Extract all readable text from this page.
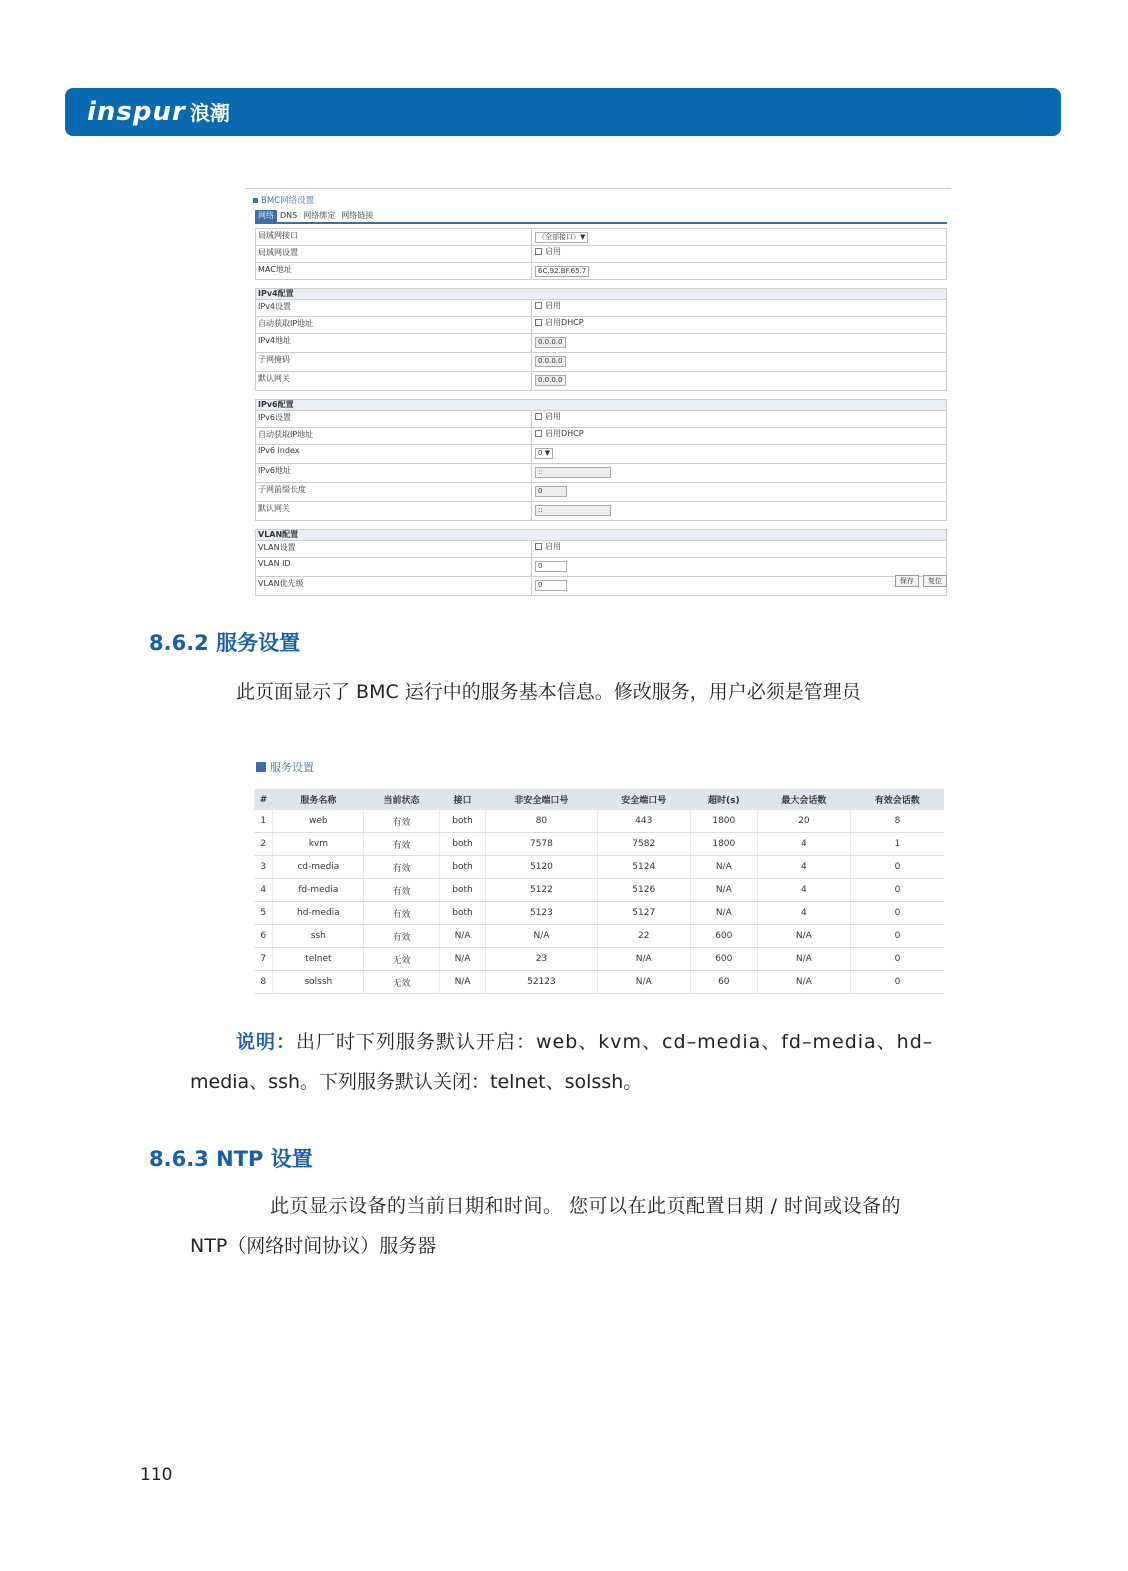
inspur 浪潮
BMC网络设置
网络 DNS 网络绑定 网络链接
局域网接口	（全部接口）▼
局域网设置	启用
MAC地址	6C.92.BF.65.7
IPv4配置
IPv4设置	启用
自动获取IP地址	启用DHCP
IPv4地址	0.0.0.0
子网掩码	0.0.0.0
默认网关	0.0.0.0
IPv6配置
IPv6设置	启用
自动获取IP地址	启用DHCP
IPv6 index	0 ▼
IPv6地址	::
子网前缀长度	0
默认网关	::
VLAN配置
VLAN设置	启用
VLAN ID	0
VLAN优先级	0	保存 复位
8.6.2 服务设置
此页面显示了 BMC 运行中的服务基本信息。修改服务，用户必须是管理员
服务设置
#	服务名称	当前状态	接口	非安全端口号	安全端口号	超时(s)	最大会话数	有效会话数
1	web	有效	both	80	443	1800	20	8
2	kvm	有效	both	7578	7582	1800	4	1
3	cd-media	有效	both	5120	5124	N/A	4	0
4	fd-media	有效	both	5122	5126	N/A	4	0
5	hd-media	有效	both	5123	5127	N/A	4	0
6	ssh	有效	N/A	N/A	22	600	N/A	0
7	telnet	无效	N/A	23	N/A	600	N/A	0
8	solssh	无效	N/A	52123	N/A	60	N/A	0
说明：出厂时下列服务默认开启：web、kvm、cd–media、fd–media、hd–
media、ssh。下列服务默认关闭：telnet、solssh。
8.6.3 NTP 设置
此页显示设备的当前日期和时间。 您可以在此页配置日期 / 时间或设备的
NTP（网络时间协议）服务器
110
